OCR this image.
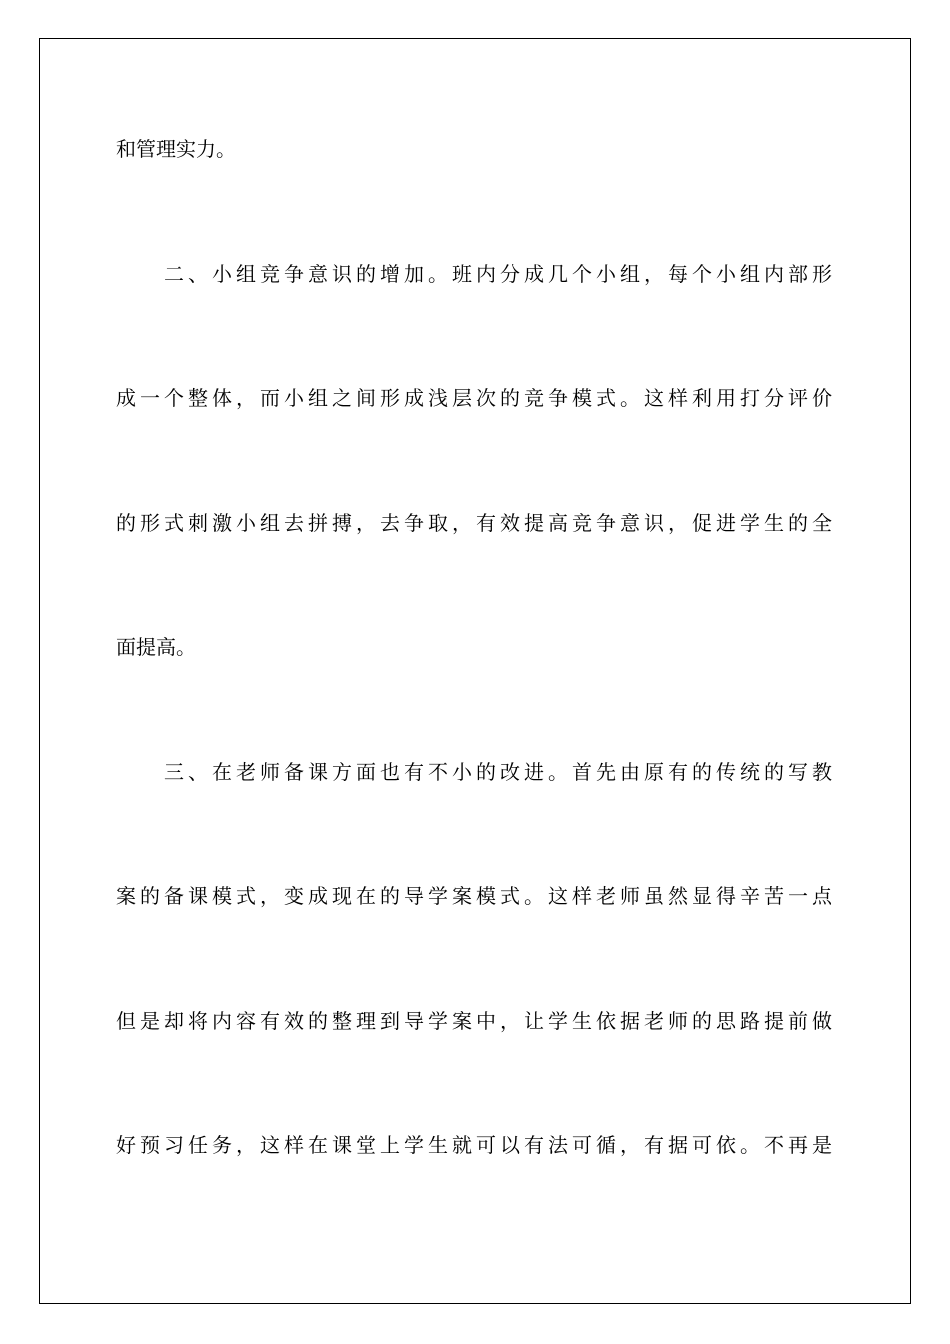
和管理实力。

二、小组竞争意识的增加。班内分成几个小组，每个小组内部形

成一个整体，而小组之间形成浅层次的竞争模式。这样利用打分评价

的形式刺激小组去拼搏，去争取，有效提高竞争意识，促进学生的全

面提高。

三、在老师备课方面也有不小的改进。首先由原有的传统的写教

案的备课模式，变成现在的导学案模式。这样老师虽然显得辛苦一点

但是却将内容有效的整理到导学案中，让学生依据老师的思路提前做

好预习任务，这样在课堂上学生就可以有法可循，有据可依。不再是
